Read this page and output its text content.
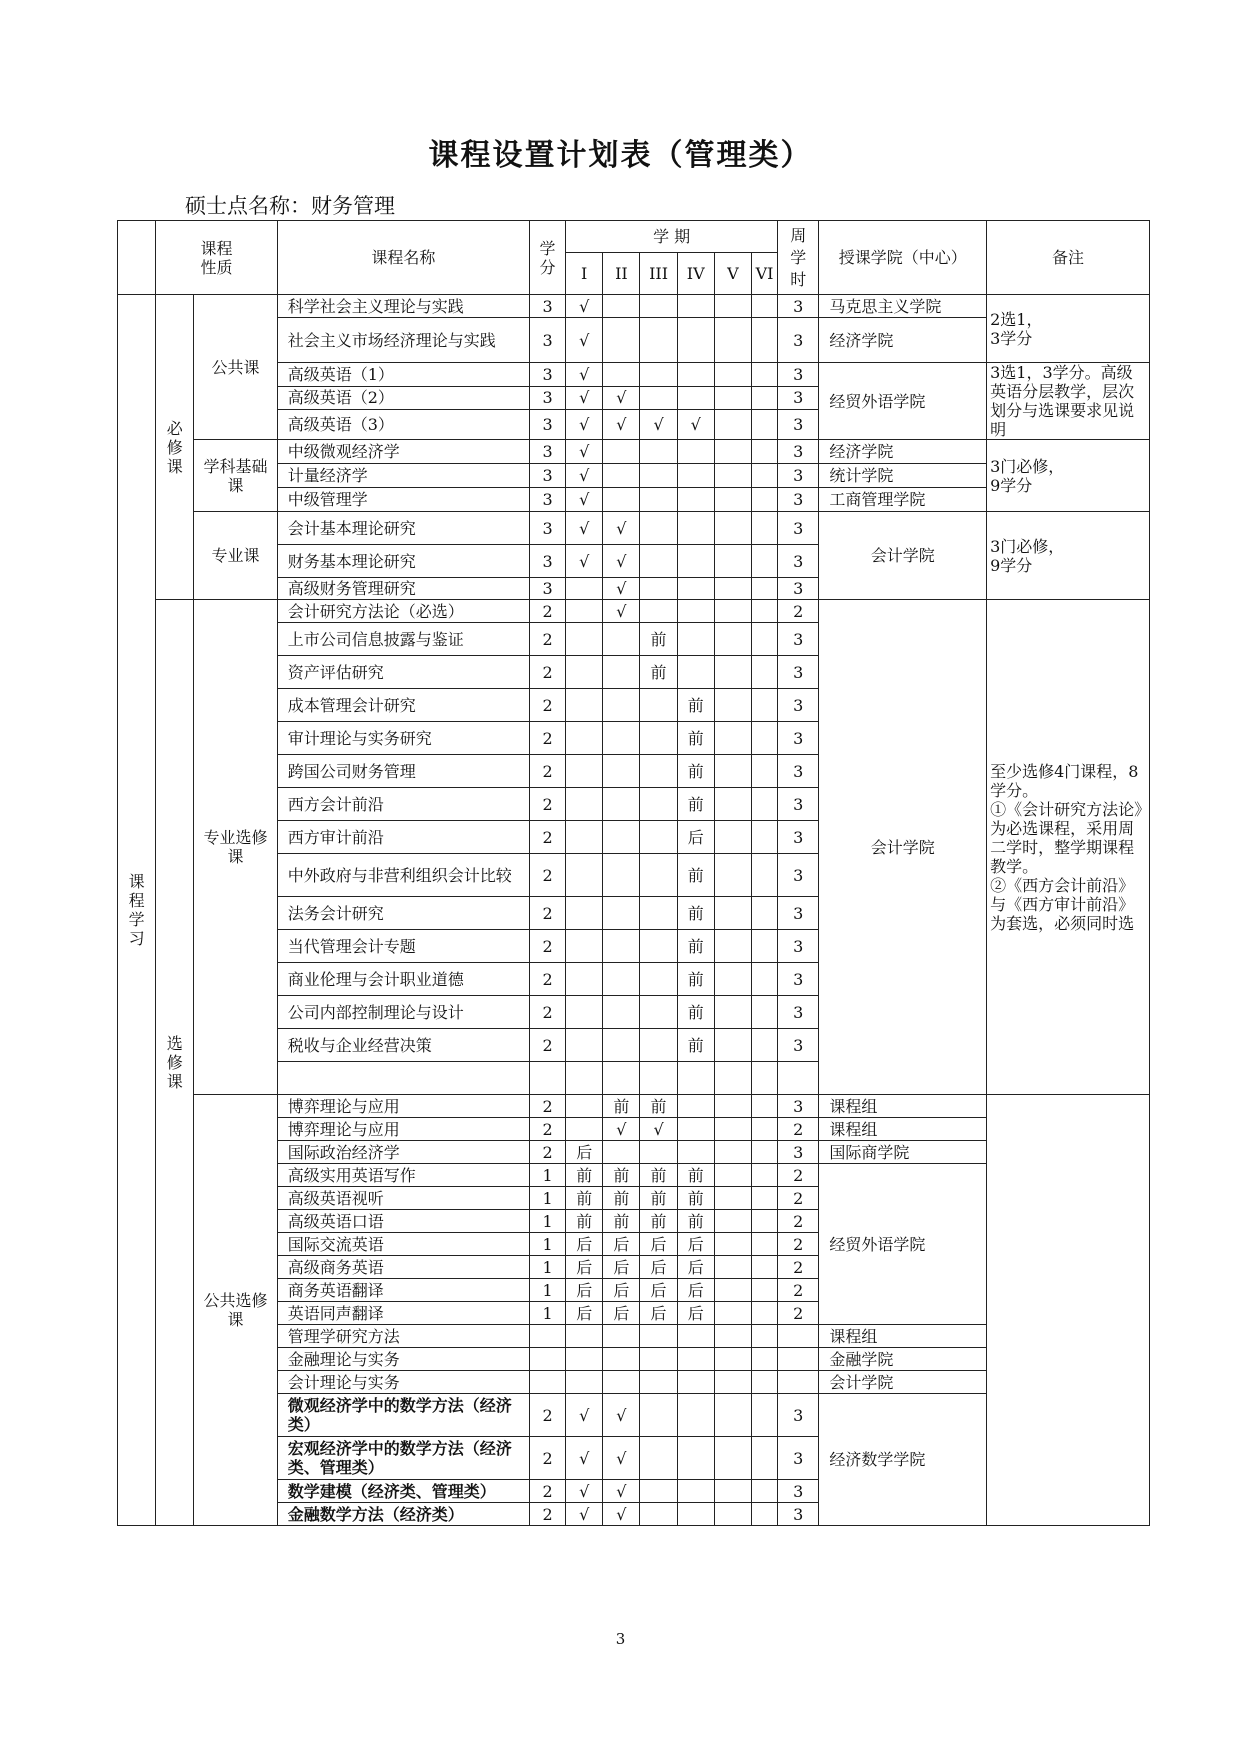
课程设置计划表（管理类）
硕士点名称：财务管理
	课程性质		课程名称	学分	学 期						周学时	授课学院（中心）	备注
					I	II	III	IV	V	VI			
课程学习	必修课	公共课	科学社会主义理论与实践	3	√						3	马克思主义学院	2选1，
3学分
			社会主义市场经济理论与实践	3	√						3	经济学院	
			高级英语（1）	3	√						3	经贸外语学院	3选1，3学分。高级英语分层教学，层次划分与选课要求见说明
			高级英语（2）	3	√	√					3		
			高级英语（3）	3	√	√	√	√			3		
		学科基础课	中级微观经济学	3	√						3	经济学院	3门必修，
9学分
			计量经济学	3	√						3	统计学院	
			中级管理学	3	√						3	工商管理学院	
		专业课	会计基本理论研究	3	√	√					3	会计学院	3门必修，
9学分
			财务基本理论研究	3	√	√					3		
			高级财务管理研究	3		√					3		
	选修课	专业选修课	会计研究方法论（必选）	2		√					2	会计学院	至少选修4门课程，8学分。
①《会计研究方法论》为必选课程，采用周二学时，整学期课程教学。
②《西方会计前沿》与《西方审计前沿》为套选，必须同时选
			上市公司信息披露与鉴证	2			前				3		
			资产评估研究	2			前				3		
			成本管理会计研究	2				前			3		
			审计理论与实务研究	2				前			3		
			跨国公司财务管理	2				前			3		
			西方会计前沿	2				前			3		
			西方审计前沿	2				后			3		
			中外政府与非营利组织会计比较	2				前			3		
			法务会计研究	2				前			3		
			当代管理会计专题	2				前			3		
			商业伦理与会计职业道德	2				前			3		
			公司内部控制理论与设计	2				前			3		
			税收与企业经营决策	2				前			3		

		公共选修课	博弈理论与应用	2		前	前				3	课程组	
			博弈理论与应用	2		√	√				2	课程组	
			国际政治经济学	2	后						3	国际商学院	
			高级实用英语写作	1	前	前	前	前			2	经贸外语学院	
			高级英语视听	1	前	前	前	前			2		
			高级英语口语	1	前	前	前	前			2		
			国际交流英语	1	后	后	后	后			2		
			高级商务英语	1	后	后	后	后			2		
			商务英语翻译	1	后	后	后	后			2		
			英语同声翻译	1	后	后	后	后			2		
			管理学研究方法									课程组	
			金融理论与实务									金融学院	
			会计理论与实务									会计学院	
			微观经济学中的数学方法（经济类）	2	√	√					3	经济数学学院	
			宏观经济学中的数学方法（经济类、管理类）	2	√	√					3		
			数学建模（经济类、管理类）	2	√	√					3		
			金融数学方法（经济类）	2	√	√					3		
3
